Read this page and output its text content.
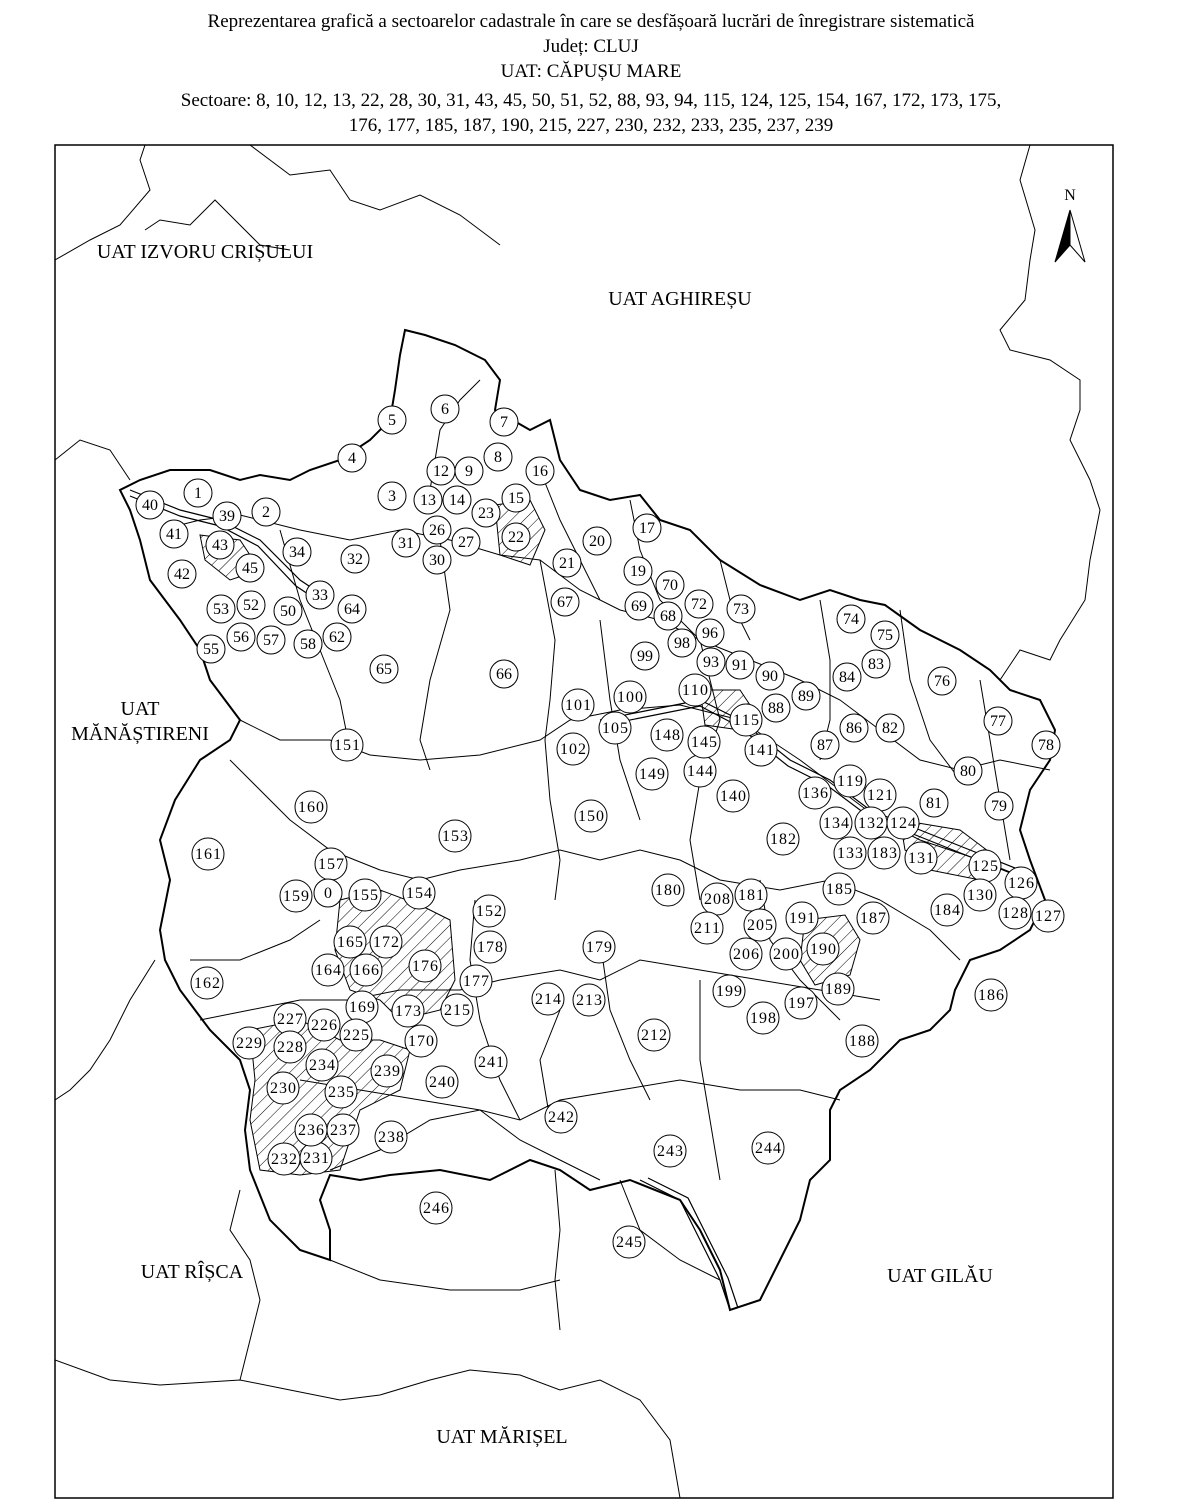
Reprezentarea grafică a sectoarelor cadastrale în care se desfășoară lucrări de înregistrare sistematică
Județ: CLUJ
UAT: CĂPUȘU MARE
Sectoare: 8, 10, 12, 13, 22, 28, 30, 31, 43, 45, 50, 51, 52, 88, 93, 94, 115, 124, 125, 154, 167, 172, 173, 175,
176, 177, 185, 187, 190, 215, 227, 230, 232, 233, 235, 237, 239
N
UAT IZVORU CRIȘULUI
UAT AGHIREȘU
UAT
MĂNĂȘTIRENI
UAT RÎȘCA	UAT GILĂU
UAT MĂRIȘEL
1
2
3
4
5
6
7
8
9
12
13 14	15
16
17
19
20
21
22
23
26
27
30
31
32
33
34
39
40
41
42
43
45
50
52
53
55
56 57 58 62
64
65	66
67
68
69
70
72 73
74
75
76
77
78
79
80
81
82
83
84
86
87
88
89
90
91
93
96
98
99
100
101
102
105
110
115
119
121
124
125
126
127
128
130
131
132
133
134
136
140
141
144
145
148
149
150
151
152
153
154
155
157
159 0
160
161
162
164
165
166
169
170
172
173
176
177
178	179
180	181
182
183
184
185
186
187
188
189
190
191
197
198
199
200
205
206
208
211
212
213
214
215
225
226
227
228
229
230
231
232
234
235
236 237 238
239
240
241
242
243	244
245
246
